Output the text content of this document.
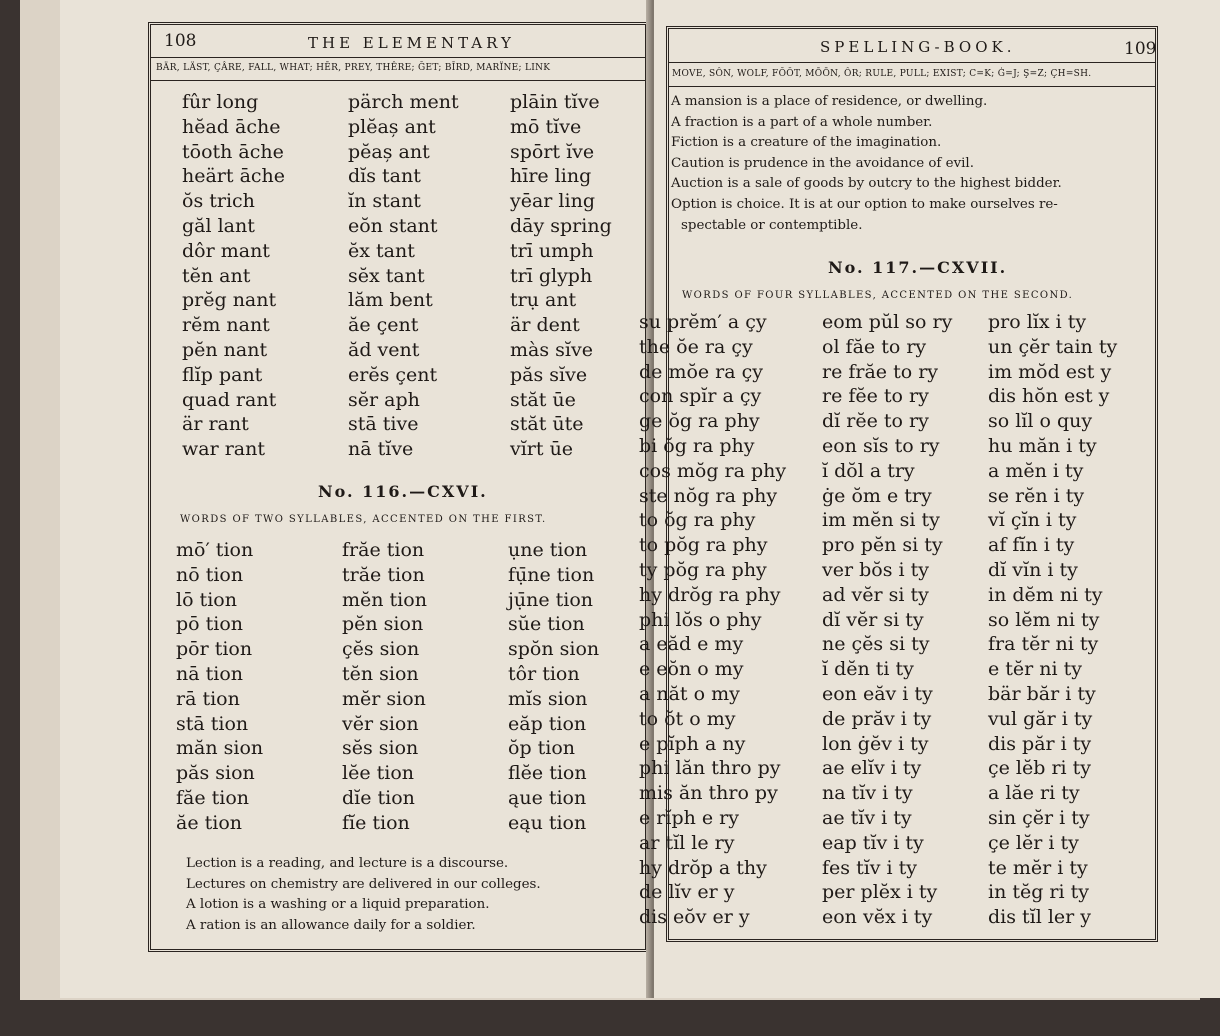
108	THE ELEMENTARY
BÄR, LÄST, ÇÂRE, FALL, WHAT; HĒR, PREY, THÊRE; ĞET; BĪRD, MARÏNE; LINK
fûr long
hĕad āche
tōoth āche
heärt āche
ŏs trich
găl lant
dôr mant
tĕn ant
prĕg nant
rĕm nant
pĕn nant
flĭp pant
quad rant
är rant
war rant
pärch ment
plĕaș ant
pĕaș ant
dĭs tant
ĭn stant
eŏn stant
ĕx tant
sĕx tant
lăm bent
ăe çent
ăd vent
erĕs çent
sĕr aph
stā tive
nā tĭve
plāin tĭve
mō tĭve
spōrt ĭve
hīre ling
yēar ling
dāy spring
trī umph
trī glyph
trụ ant
är dent
màs sĭve
păs sĭve
stăt ūe
stăt ūte
vĭrt ūe
No. 116.—CXVI.
WORDS OF TWO SYLLABLES, ACCENTED ON THE FIRST.
mō′ tion
nō tion
lō tion
pō tion
pōr tion
nā tion
rā tion
stā tion
măn sion
păs sion
făe tion
ăe tion
frăe tion
trăe tion
mĕn tion
pĕn sion
çĕs sion
tĕn sion
mĕr sion
vĕr sion
sĕs sion
lĕe tion
dĭe tion
fĭe tion
ụne tion
fụ̄ne tion
jụ̄ne tion
sŭe tion
spŏn sion
tôr tion
mĭs sion
eăp tion
ŏp tion
flĕe tion
ąue tion
eąu tion
Lection is a reading, and lecture is a discourse.
Lectures on chemistry are delivered in our colleges.
A lotion is a washing or a liquid preparation.
A ration is an allowance daily for a soldier.
SPELLING-BOOK.	109
MOVE, SÔN, WOLF, FŎŎT, MŌŌN, ÔR; RULE, PULL; EXIST; C=K; Ġ=J; Ş=Z; ÇH=SH.
A mansion is a place of residence, or dwelling.
A fraction is a part of a whole number.
Fiction is a creature of the imagination.
Caution is prudence in the avoidance of evil.
Auction is a sale of goods by outcry to the highest bidder.
Option is choice. It is at our option to make ourselves re-
spectable or contemptible.
No. 117.—CXVII.
WORDS OF FOUR SYLLABLES, ACCENTED ON THE SECOND.
su prĕm′ a çy
the ŏe ra çy
de mŏe ra çy
con spĭr a çy
ge ŏg ra phy
bi ŏg ra phy
cos mŏg ra phy
ste nŏg ra phy
to ŏg ra phy
to pŏg ra phy
ty pŏg ra phy
hy drŏg ra phy
phi lŏs o phy
a eăd e my
e eŏn o my
a năt o my
to ŏt o my
e pĭph a ny
phi lăn thro py
mis ăn thro py
e rĭph e ry
ar tĭl le ry
hy drŏp a thy
de lĭv er y
dis eŏv er y
eom pŭl so ry
ol făe to ry
re frăe to ry
re fĕe to ry
dĭ rĕe to ry
eon sĭs to ry
ĭ dŏl a try
ġe ŏm e try
im mĕn si ty
pro pĕn si ty
ver bŏs i ty
ad vĕr si ty
dĭ vĕr si ty
ne çĕs si ty
ĭ dĕn ti ty
eon eăv i ty
de prăv i ty
lon ġĕv i ty
ae elĭv i ty
na tĭv i ty
ae tĭv i ty
eap tĭv i ty
fes tĭv i ty
per plĕx i ty
eon vĕx i ty
pro lĭx i ty
un çĕr tain ty
im mŏd est y
dis hŏn est y
so lĭl o quy
hu măn i ty
a mĕn i ty
se rĕn i ty
vĭ çĭn i ty
af fĭn i ty
dĭ vĭn i ty
in dĕm ni ty
so lĕm ni ty
fra tĕr ni ty
e tĕr ni ty
bär băr i ty
vul găr i ty
dis păr i ty
çe lĕb ri ty
a lăe ri ty
sin çĕr i ty
çe lĕr i ty
te mĕr i ty
in tĕg ri ty
dis tĭl ler y
